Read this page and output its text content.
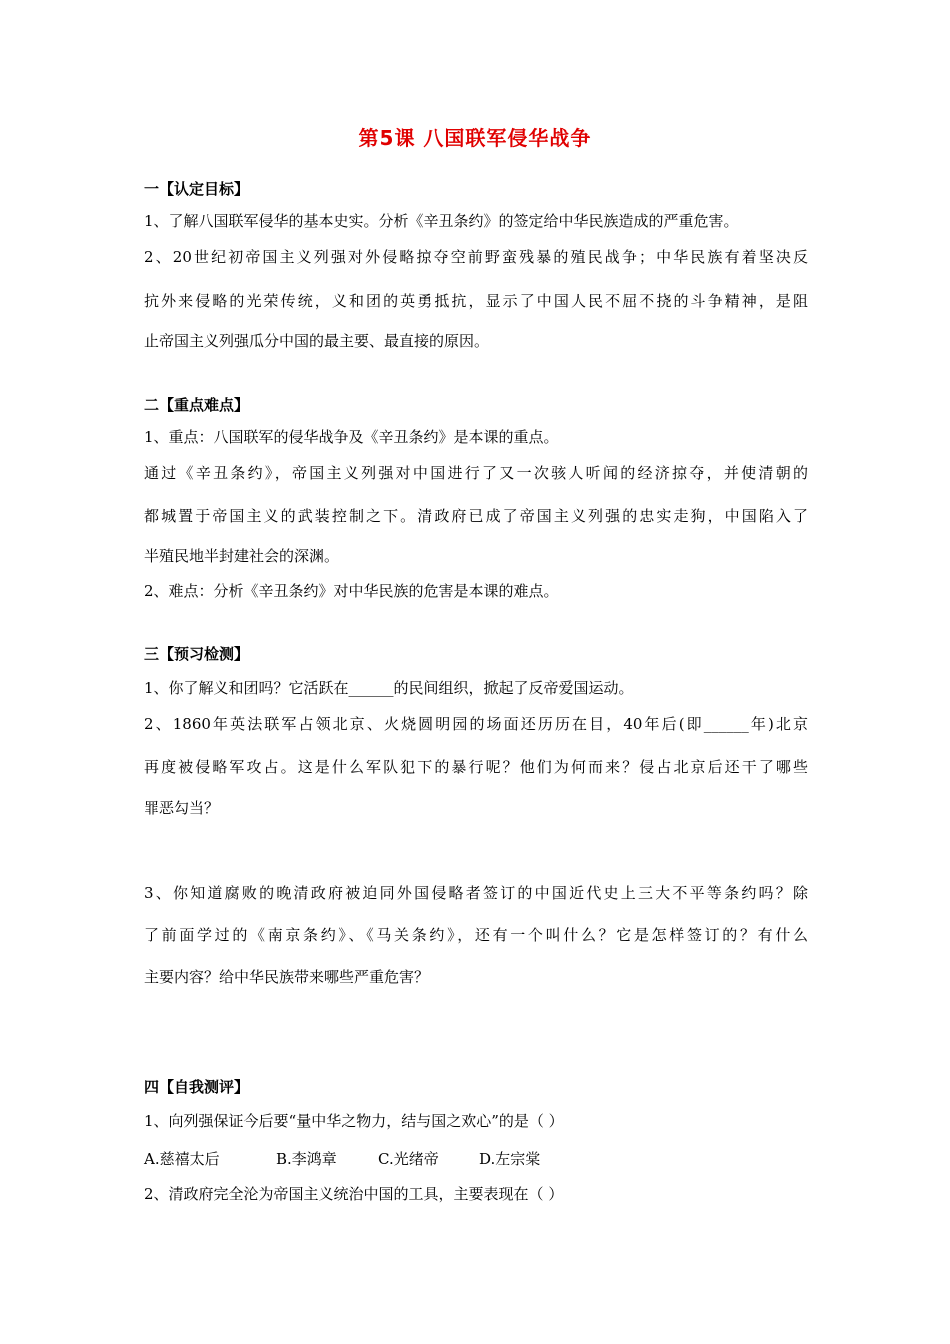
第5课 八国联军侵华战争
一【认定目标】
1、了解八国联军侵华的基本史实。分析《辛丑条约》的签定给中华民族造成的严重危害。
2、20世纪初帝国主义列强对外侵略掠夺空前野蛮残暴的殖民战争；中华民族有着坚决反
抗外来侵略的光荣传统，义和团的英勇抵抗，显示了中国人民不屈不挠的斗争精神，是阻
止帝国主义列强瓜分中国的最主要、最直接的原因。
二【重点难点】
1、重点：八国联军的侵华战争及《辛丑条约》是本课的重点。
通过《辛丑条约》，帝国主义列强对中国进行了又一次骇人听闻的经济掠夺，并使清朝的
都城置于帝国主义的武装控制之下。清政府已成了帝国主义列强的忠实走狗，中国陷入了
半殖民地半封建社会的深渊。
2、难点：分析《辛丑条约》对中华民族的危害是本课的难点。
三【预习检测】
1、你了解义和团吗？它活跃在______的民间组织，掀起了反帝爱国运动。
2、1860年英法联军占领北京、火烧圆明园的场面还历历在目，40年后(即______年)北京
再度被侵略军攻占。这是什么军队犯下的暴行呢？他们为何而来？侵占北京后还干了哪些
罪恶勾当？
3、你知道腐败的晚清政府被迫同外国侵略者签订的中国近代史上三大不平等条约吗？除
了前面学过的《南京条约》、《马关条约》，还有一个叫什么？它是怎样签订的？有什么
主要内容？给中华民族带来哪些严重危害？
四【自我测评】
1、向列强保证今后要“量中华之物力，结与国之欢心”的是（ ）
A.慈禧太后	B.李鸿章	C.光绪帝	D.左宗棠
2、清政府完全沦为帝国主义统治中国的工具，主要表现在（ ）
